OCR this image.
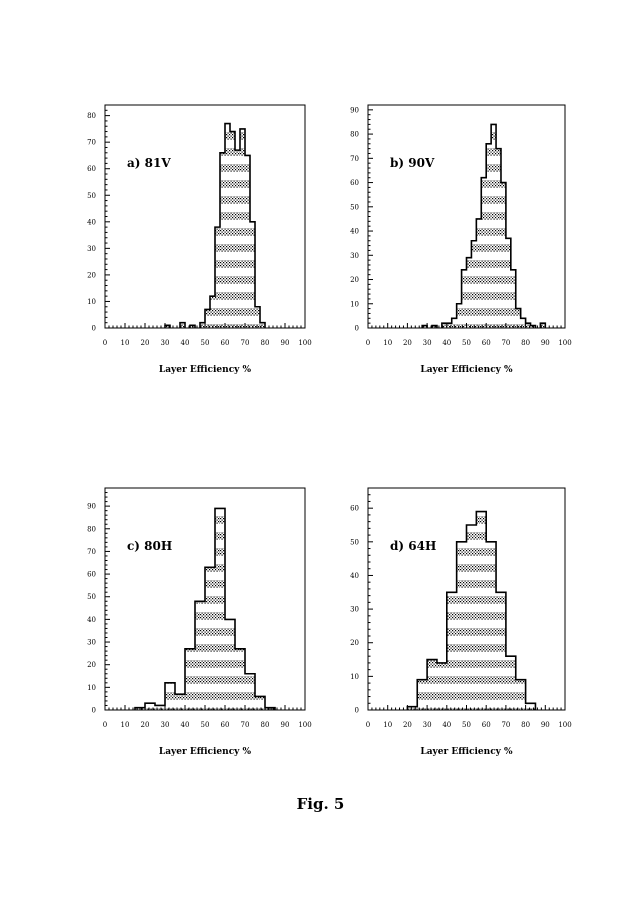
0 10 20 30 40 50 60 70 80 90 100
0
10
20
30
40
50
60
70
80
a) 81V
Layer Efficiency %
0 10 20 30 40 50 60 70 80 90 100
0
10
20
30
40
50
60
70
80
90
b) 90V
Layer Efficiency %
0 10 20 30 40 50 60 70 80 90 100
0
10
20
30
40
50
60
70
80
90
c) 80H
Layer Efficiency %
0 10 20 30 40 50 60 70 80 90 100
0
10
20
30
40
50
60
d) 64H
Layer Efficiency %
Fig. 5
